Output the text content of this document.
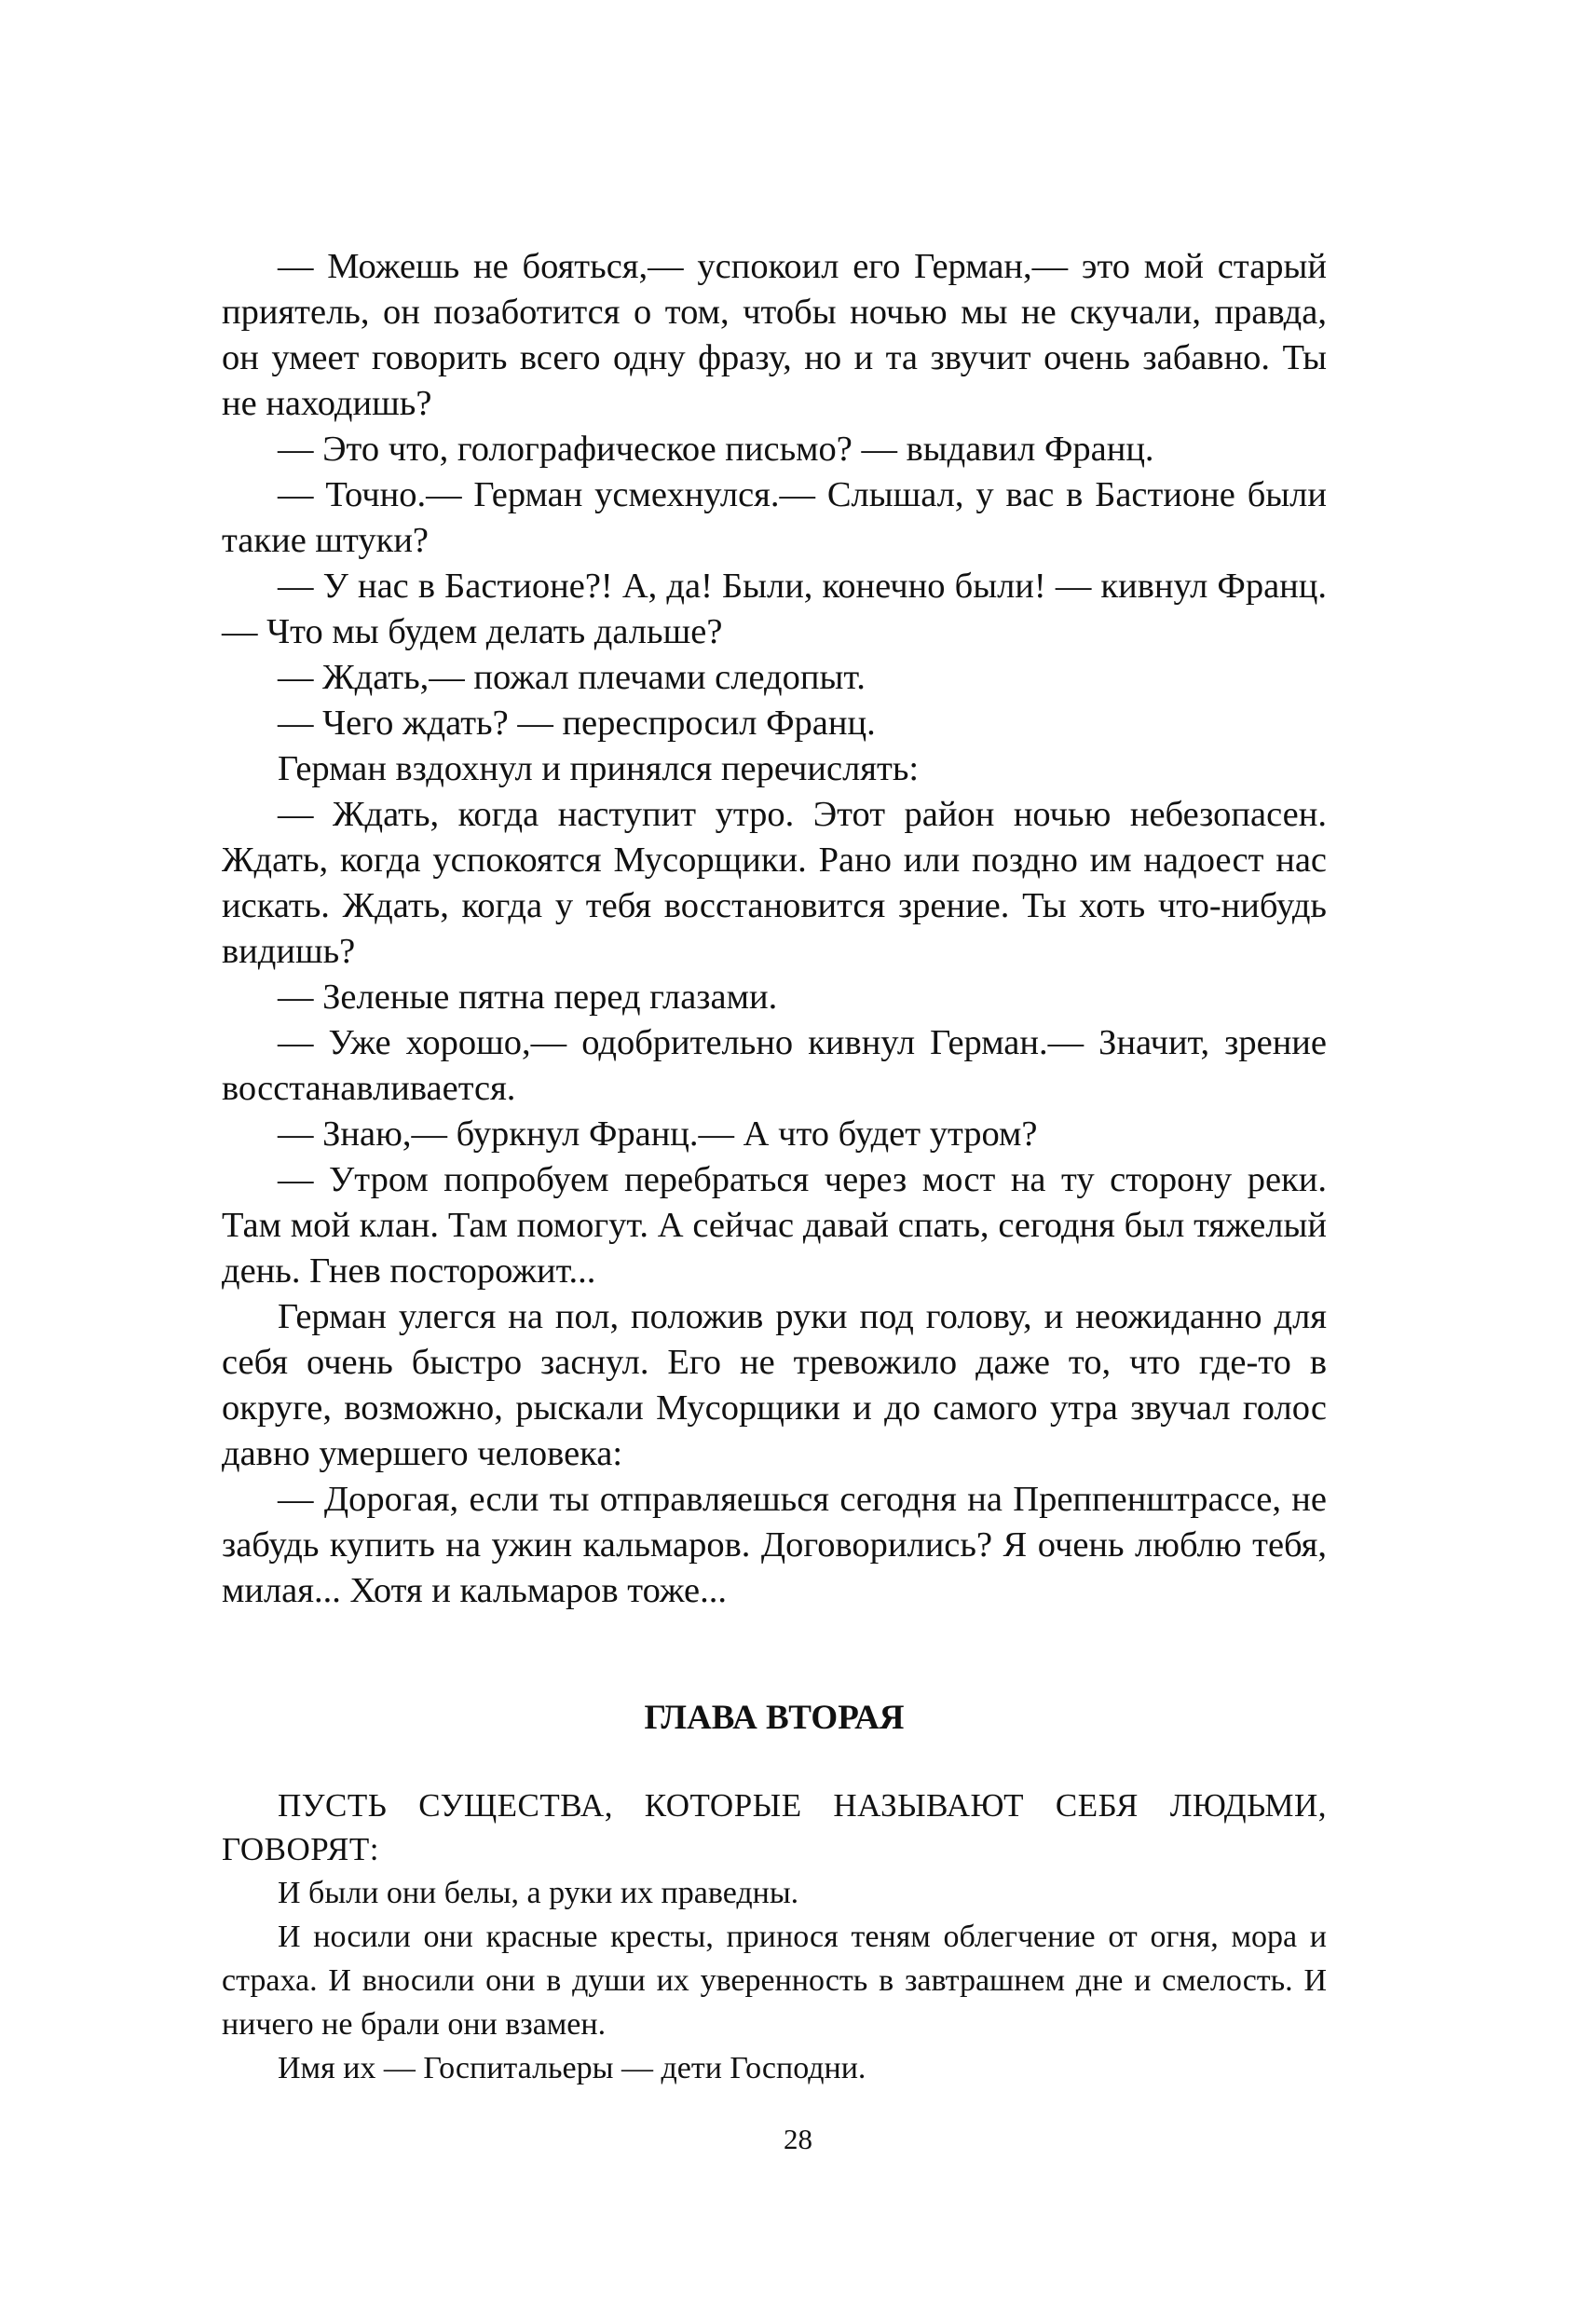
— Можешь не бояться,— успокоил его Герман,— это мой старый приятель, он позаботится о том, чтобы ночью мы не скучали, правда, он умеет говорить всего одну фразу, но и та звучит очень забавно. Ты не находишь?

— Это что, голографическое письмо? — выдавил Франц.

— Точно.— Герман усмехнулся.— Слышал, у вас в Бастионе были такие штуки?

— У нас в Бастионе?! А, да! Были, конечно были! — кивнул Франц.— Что мы будем делать дальше?

— Ждать,— пожал плечами следопыт.

— Чего ждать? — переспросил Франц.

Герман вздохнул и принялся перечислять:

— Ждать, когда наступит утро. Этот район ночью небезопасен. Ждать, когда успокоятся Мусорщики. Рано или поздно им надоест нас искать. Ждать, когда у тебя восстановится зрение. Ты хоть что-нибудь видишь?

— Зеленые пятна перед глазами.

— Уже хорошо,— одобрительно кивнул Герман.— Значит, зрение восстанавливается.

— Знаю,— буркнул Франц.— А что будет утром?

— Утром попробуем перебраться через мост на ту сторону реки. Там мой клан. Там помогут. А сейчас давай спать, сегодня был тяжелый день. Гнев посторожит...

Герман улегся на пол, положив руки под голову, и неожиданно для себя очень быстро заснул. Его не тревожило даже то, что где-то в округе, возможно, рыскали Мусорщики и до самого утра звучал голос давно умершего человека:

— Дорогая, если ты отправляешься сегодня на Преппенштрассе, не забудь купить на ужин кальмаров. Договорились? Я очень люблю тебя, милая... Хотя и кальмаров тоже...

ГЛАВА ВТОРАЯ

ПУСТЬ СУЩЕСТВА, КОТОРЫЕ НАЗЫВАЮТ СЕБЯ ЛЮДЬМИ, ГОВОРЯТ:

И были они белы, а руки их праведны.

И носили они красные кресты, принося теням облегчение от огня, мора и страха. И вносили они в души их уверенность в завтрашнем дне и смелость. И ничего не брали они взамен.

Имя их — Госпитальеры — дети Господни.

28
